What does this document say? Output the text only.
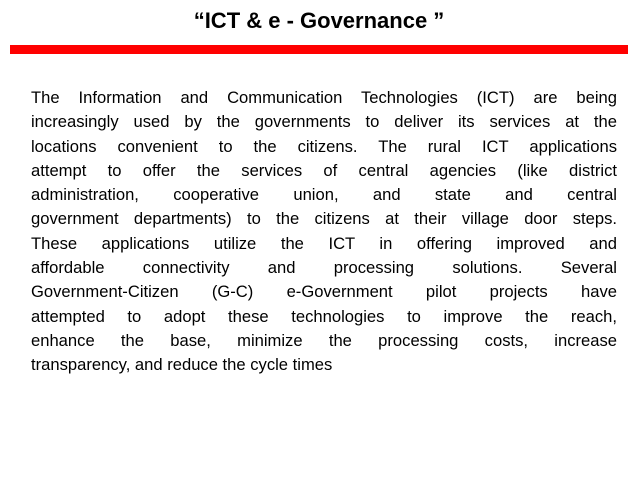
“ICT & e - Governance ”

The Information and Communication Technologies (ICT) are being
increasingly used by the governments to deliver its services at the
locations convenient to the citizens. The rural ICT applications
attempt to offer the services of central agencies (like district
administration, cooperative union, and state and central
government departments) to the citizens at their village door steps.
These applications utilize the ICT in offering improved and
affordable connectivity and processing solutions. Several
Government-Citizen (G-C) e-Government pilot projects have
attempted to adopt these technologies to improve the reach,
enhance the base, minimize the processing costs, increase
transparency, and reduce the cycle times
